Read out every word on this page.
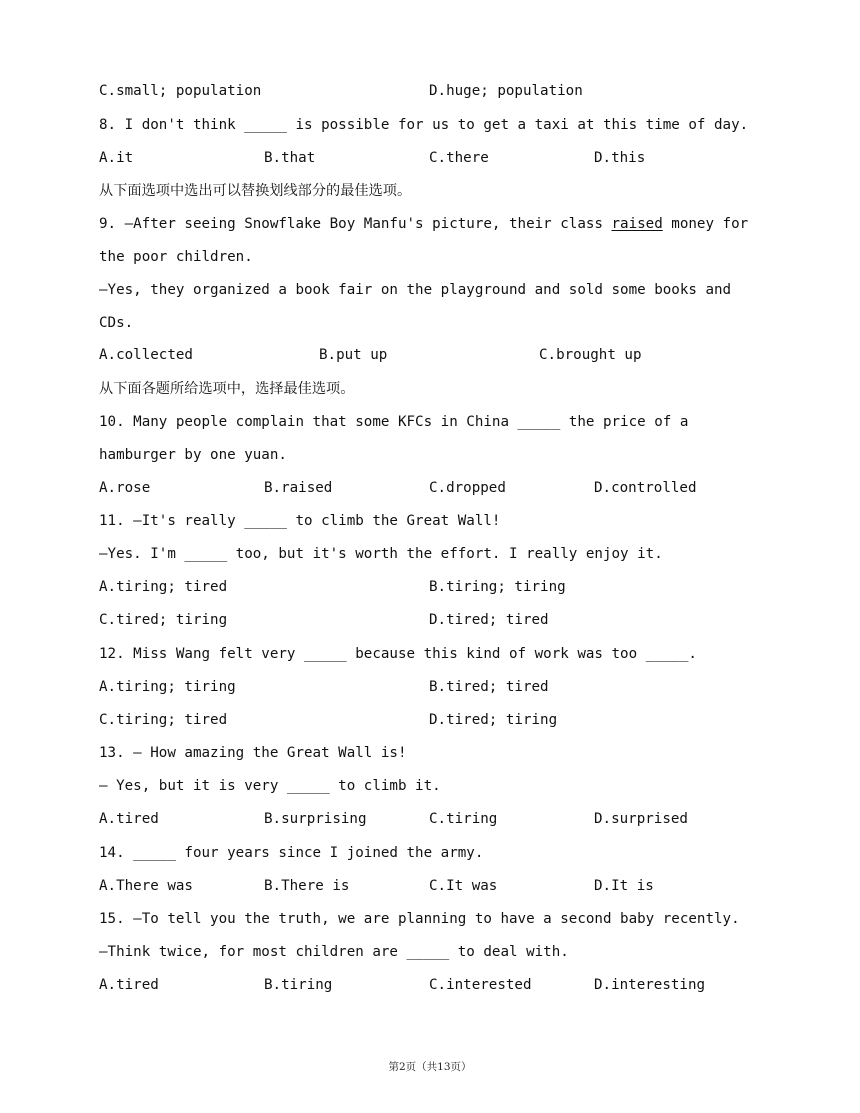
C.small; population	D.huge; population
8. I don't think _____ is possible for us to get a taxi at this time of day.
A.it	B.that	C.there	D.this
从下面选项中选出可以替换划线部分的最佳选项。
9. —After seeing Snowflake Boy Manfu's picture, their class raised money for
the poor children.
—Yes, they organized a book fair on the playground and sold some books and
CDs.
A.collected	B.put up	C.brought up
从下面各题所给选项中，选择最佳选项。
10. Many people complain that some KFCs in China _____ the price of a
hamburger by one yuan.
A.rose	B.raised	C.dropped	D.controlled
11. —It's really _____ to climb the Great Wall!
—Yes. I'm _____ too, but it's worth the effort. I really enjoy it.
A.tiring; tired	B.tiring; tiring
C.tired; tiring	D.tired; tired
12. Miss Wang felt very _____ because this kind of work was too _____.
A.tiring; tiring	B.tired; tired
C.tiring; tired	D.tired; tiring
13. — How amazing the Great Wall is!
— Yes, but it is very _____ to climb it.
A.tired	B.surprising	C.tiring	D.surprised
14. _____ four years since I joined the army.
A.There was	B.There is	C.It was	D.It is
15. —To tell you the truth, we are planning to have a second baby recently.
—Think twice, for most children are _____ to deal with.
A.tired	B.tiring	C.interested	D.interesting
第2页（共13页）
